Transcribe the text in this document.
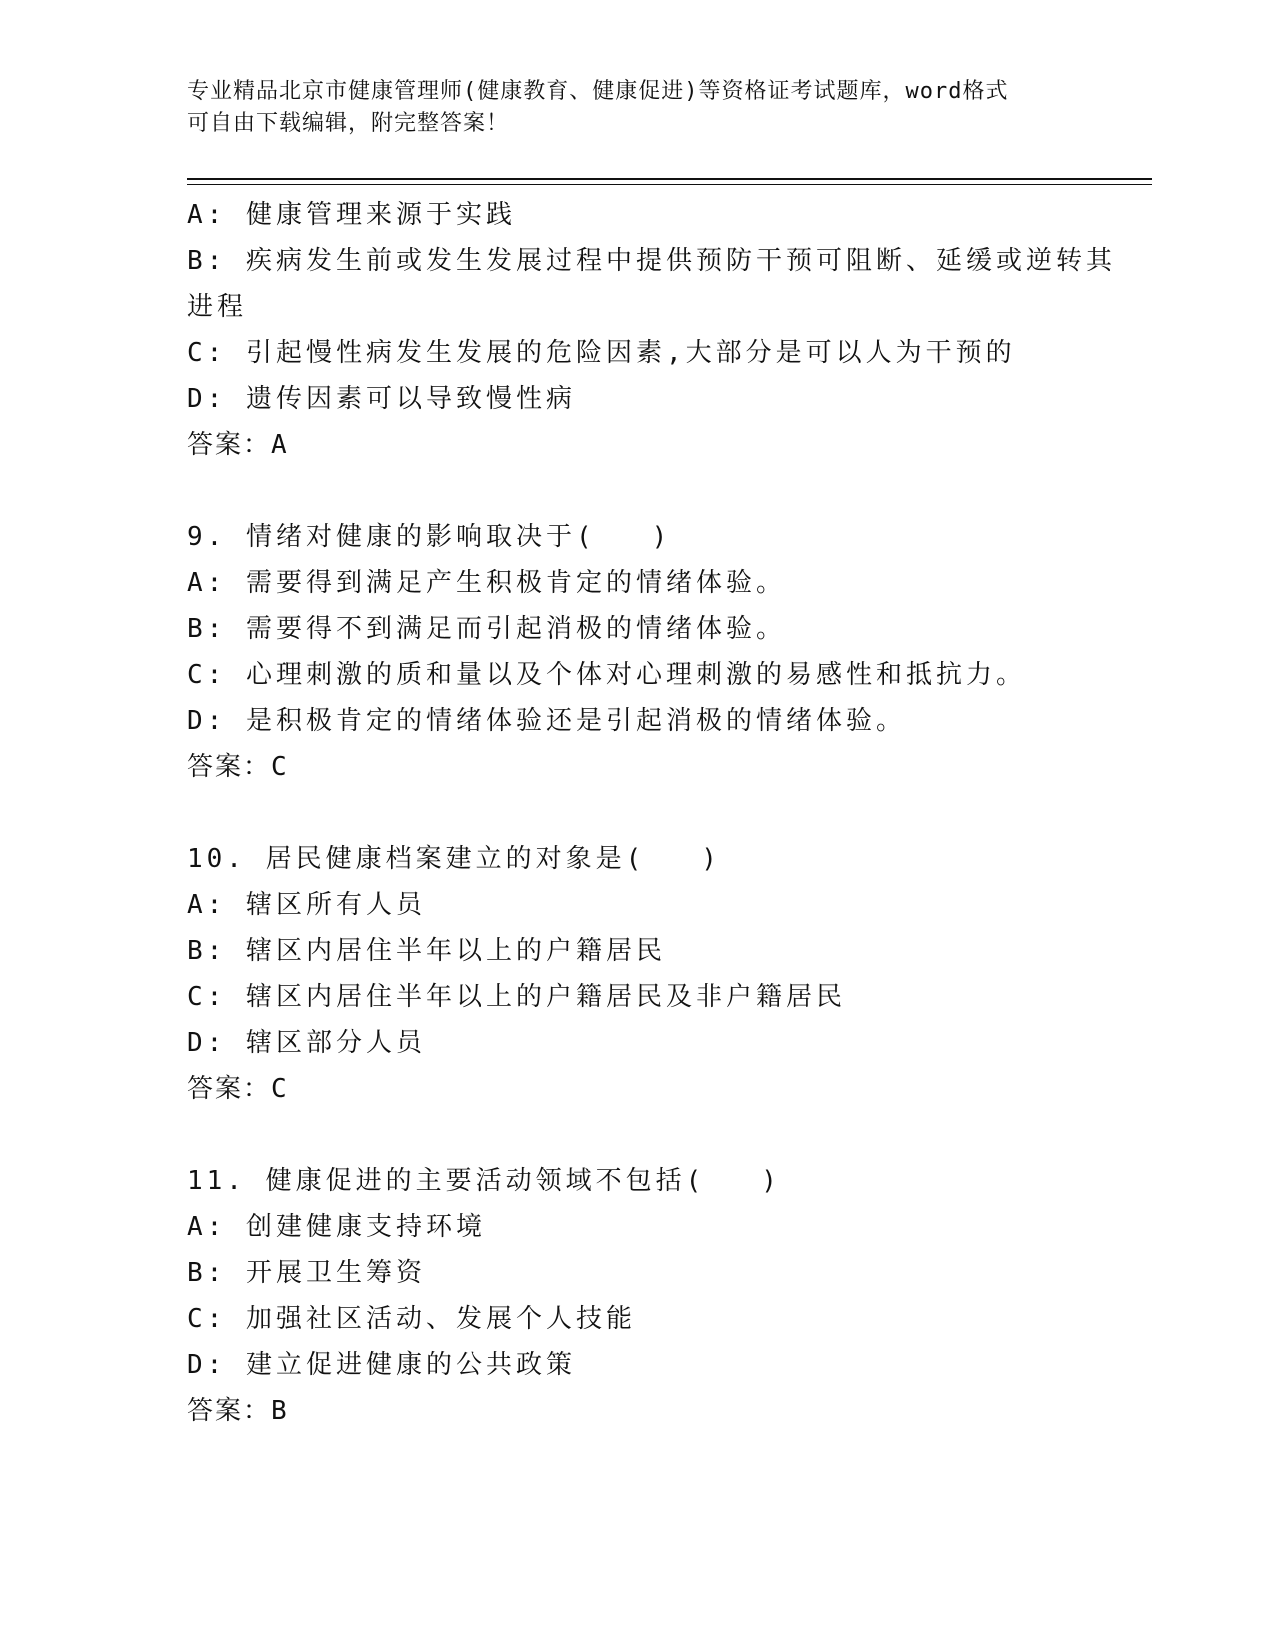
专业精品北京市健康管理师(健康教育、健康促进)等资格证考试题库，word格式
可自由下载编辑，附完整答案！
A: 健康管理来源于实践
B: 疾病发生前或发生发展过程中提供预防干预可阻断、延缓或逆转其
进程
C: 引起慢性病发生发展的危险因素,大部分是可以人为干预的
D: 遗传因素可以导致慢性病
答案：A
9. 情绪对健康的影响取决于( )
A: 需要得到满足产生积极肯定的情绪体验。
B: 需要得不到满足而引起消极的情绪体验。
C: 心理刺激的质和量以及个体对心理刺激的易感性和抵抗力。
D: 是积极肯定的情绪体验还是引起消极的情绪体验。
答案：C
10. 居民健康档案建立的对象是( )
A: 辖区所有人员
B: 辖区内居住半年以上的户籍居民
C: 辖区内居住半年以上的户籍居民及非户籍居民
D: 辖区部分人员
答案：C
11. 健康促进的主要活动领域不包括( )
A: 创建健康支持环境
B: 开展卫生筹资
C: 加强社区活动、发展个人技能
D: 建立促进健康的公共政策
答案：B
